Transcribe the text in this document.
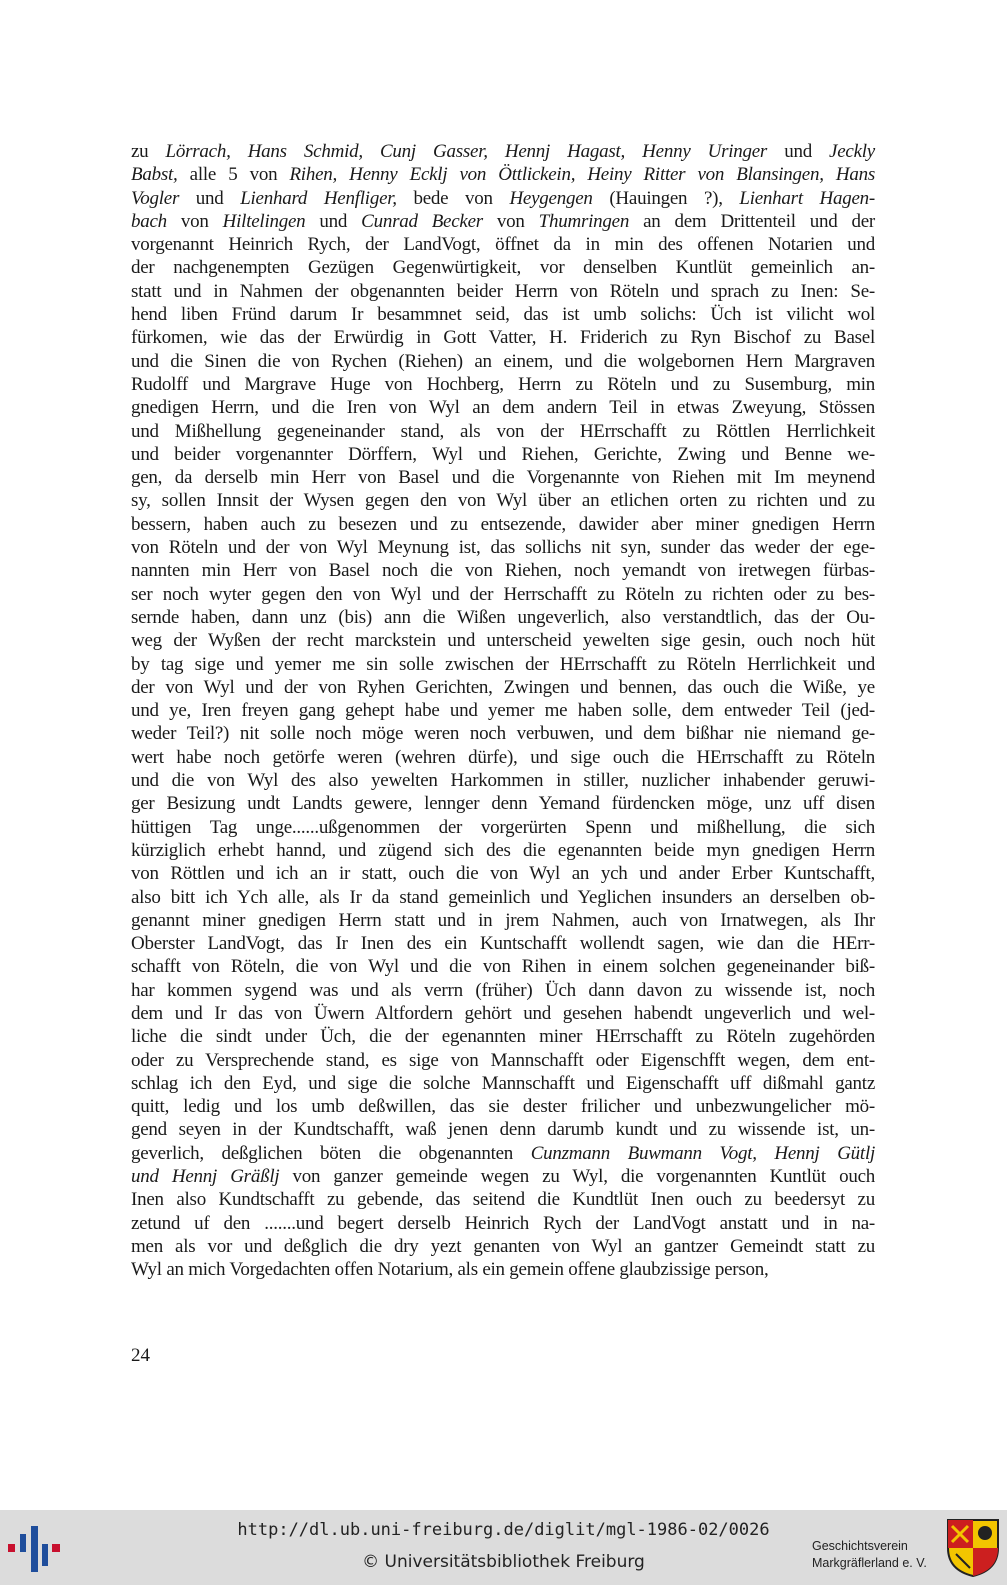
zu Lörrach, Hans Schmid, Cunj Gasser, Hennj Hagast, Henny Uringer und Jeckly
Babst, alle 5 von Rihen, Henny Ecklj von Öttlickein, Heiny Ritter von Blansingen, Hans
Vogler und Lienhard Henfliger, bede von Heygengen (Hauingen ?), Lienhart Hagen-
bach von Hiltelingen und Cunrad Becker von Thumringen an dem Drittenteil und der
vorgenannt Heinrich Rych, der LandVogt, öffnet da in min des offenen Notarien und
der nachgenempten Gezügen Gegenwürtigkeit, vor denselben Kuntlüt gemeinlich an-
statt und in Nahmen der obgenannten beider Herrn von Röteln und sprach zu Inen: Se-
hend liben Fründ darum Ir besammnet seid, das ist umb solichs: Üch ist vilicht wol
fürkomen, wie das der Erwürdig in Gott Vatter, H. Friderich zu Ryn Bischof zu Basel
und die Sinen die von Rychen (Riehen) an einem, und die wolgebornen Hern Margraven
Rudolff und Margrave Huge von Hochberg, Herrn zu Röteln und zu Susemburg, min
gnedigen Herrn, und die Iren von Wyl an dem andern Teil in etwas Zweyung, Stössen
und Mißhellung gegeneinander stand, als von der HErrschafft zu Röttlen Herrlichkeit
und beider vorgenannter Dörffern, Wyl und Riehen, Gerichte, Zwing und Benne we-
gen, da derselb min Herr von Basel und die Vorgenannte von Riehen mit Im meynend
sy, sollen Innsit der Wysen gegen den von Wyl über an etlichen orten zu richten und zu
bessern, haben auch zu besezen und zu entsezende, dawider aber miner gnedigen Herrn
von Röteln und der von Wyl Meynung ist, das sollichs nit syn, sunder das weder der ege-
nannten min Herr von Basel noch die von Riehen, noch yemandt von iretwegen fürbas-
ser noch wyter gegen den von Wyl und der Herrschafft zu Röteln zu richten oder zu bes-
sernde haben, dann unz (bis) ann die Wißen ungeverlich, also verstandtlich, das der Ou-
weg der Wyßen der recht marckstein und unterscheid yewelten sige gesin, ouch noch hüt
by tag sige und yemer me sin solle zwischen der HErrschafft zu Röteln Herrlichkeit und
der von Wyl und der von Ryhen Gerichten, Zwingen und bennen, das ouch die Wiße, ye
und ye, Iren freyen gang gehept habe und yemer me haben solle, dem entweder Teil (jed-
weder Teil?) nit solle noch möge weren noch verbuwen, und dem bißhar nie niemand ge-
wert habe noch getörfe weren (wehren dürfe), und sige ouch die HErrschafft zu Röteln
und die von Wyl des also yewelten Harkommen in stiller, nuzlicher inhabender geruwi-
ger Besizung undt Landts gewere, lennger denn Yemand fürdencken möge, unz uff disen
hüttigen Tag unge......ußgenommen der vorgerürten Spenn und mißhellung, die sich
kürziglich erhebt hannd, und zügend sich des die egenannten beide myn gnedigen Herrn
von Röttlen und ich an ir statt, ouch die von Wyl an ych und ander Erber Kuntschafft,
also bitt ich Ych alle, als Ir da stand gemeinlich und Yeglichen insunders an derselben ob-
genannt miner gnedigen Herrn statt und in jrem Nahmen, auch von Irnatwegen, als Ihr
Oberster LandVogt, das Ir Inen des ein Kuntschafft wollendt sagen, wie dan die HErr-
schafft von Röteln, die von Wyl und die von Rihen in einem solchen gegeneinander biß-
har kommen sygend was und als verrn (früher) Üch dann davon zu wissende ist, noch
dem und Ir das von Üwern Altfordern gehört und gesehen habendt ungeverlich und wel-
liche die sindt under Üch, die der egenannten miner HErrschafft zu Röteln zugehörden
oder zu Versprechende stand, es sige von Mannschafft oder Eigenschfft wegen, dem ent-
schlag ich den Eyd, und sige die solche Mannschafft und Eigenschafft uff dißmahl gantz
quitt, ledig und los umb deßwillen, das sie dester frilicher und unbezwungelicher mö-
gend seyen in der Kundtschafft, waß jenen denn darumb kundt und zu wissende ist, un-
geverlich, deßglichen böten die obgenannten Cunzmann Buwmann Vogt, Hennj Gütlj
und Hennj Gräßlj von ganzer gemeinde wegen zu Wyl, die vorgenannten Kuntlüt ouch
Inen also Kundtschafft zu gebende, das seitend die Kundtlüt Inen ouch zu beedersyt zu
zetund uf den .......und begert derselb Heinrich Rych der LandVogt anstatt und in na-
men als vor und deßglich die dry yezt genanten von Wyl an gantzer Gemeindt statt zu
Wyl an mich Vorgedachten offen Notarium, als ein gemein offene glaubzissige person,
24
http://dl.ub.uni-freiburg.de/diglit/mgl-1986-02/0026
© Universitätsbibliothek Freiburg
Geschichtsverein
Markgräflerland e. V.
